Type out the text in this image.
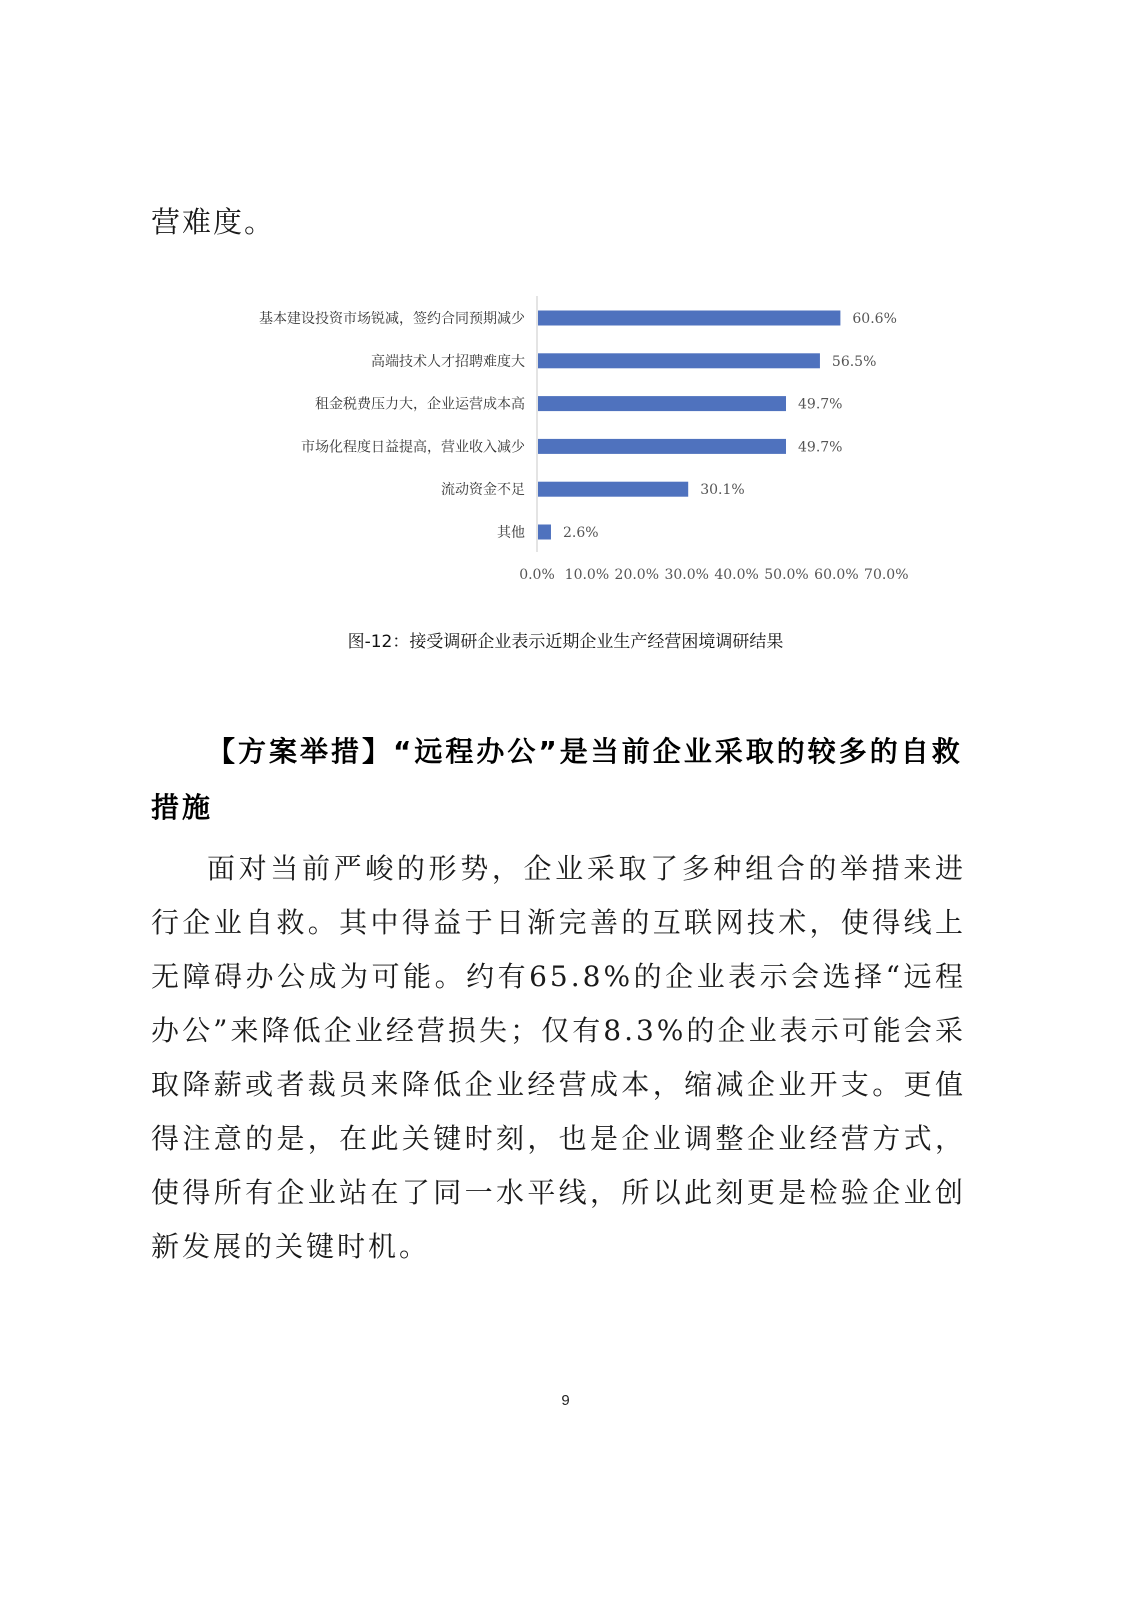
营难度。

基本建设投资市场锐减，签约合同预期减少	60.6%
高端技术人才招聘难度大	56.5%
租金税费压力大，企业运营成本高	49.7%
市场化程度日益提高，营业收入减少	49.7%
流动资金不足	30.1%
其他	2.6%
0.0% 10.0% 20.0% 30.0% 40.0% 50.0% 60.0% 70.0%

图-12：接受调研企业表示近期企业生产经营困境调研结果

【方案举措】“远程办公”是当前企业采取的较多的自救措施

面对当前严峻的形势，企业采取了多种组合的举措来进行企业自救。其中得益于日渐完善的互联网技术，使得线上无障碍办公成为可能。约有65.8%的企业表示会选择“远程办公”来降低企业经营损失；仅有8.3%的企业表示可能会采取降薪或者裁员来降低企业经营成本，缩减企业开支。更值得注意的是，在此关键时刻，也是企业调整企业经营方式，使得所有企业站在了同一水平线，所以此刻更是检验企业创新发展的关键时机。

9
